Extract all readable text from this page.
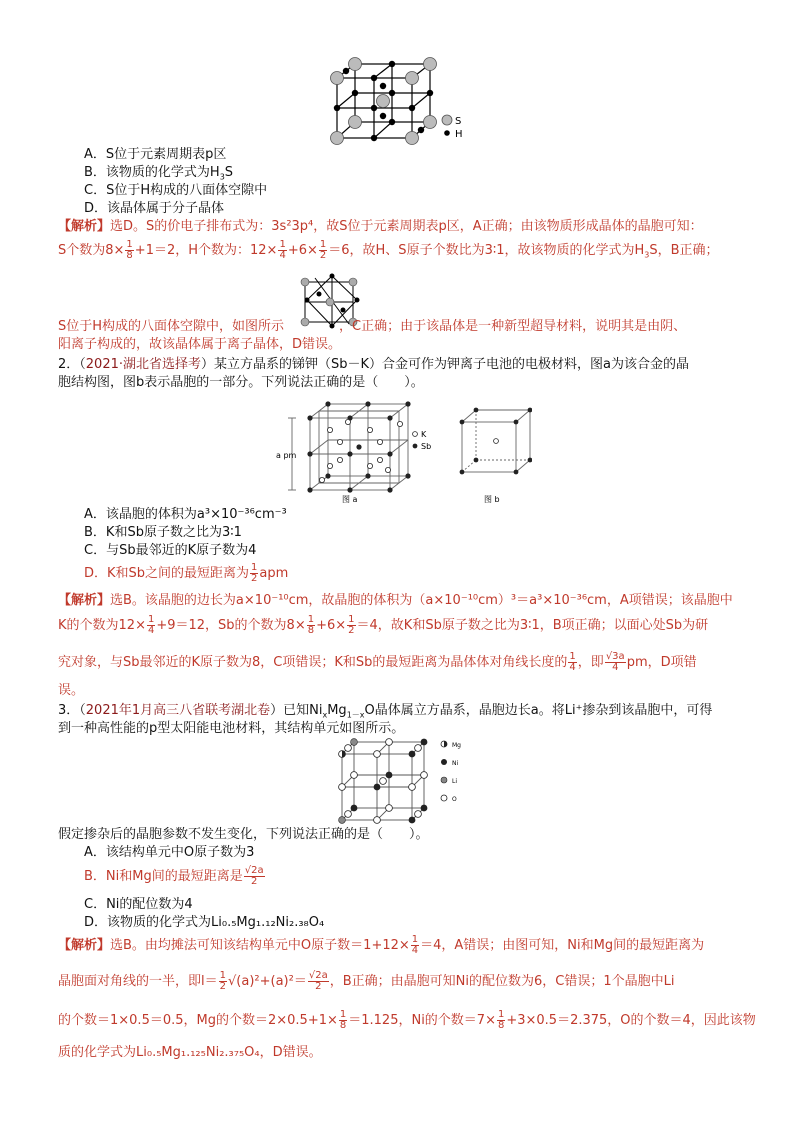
S
H
A．S位于元素周期表p区
B．该物质的化学式为$H_3S$
C．S位于H构成的八面体空隙中
D．该晶体属于分子晶体
【解析】选D。S的价电子排布式为：3s²3p⁴，故S位于元素周期表p区，A正确；由该物质形成晶体的晶胞可知：
S个数为$8\times \frac{1}{8} +1=2$，H个数为：$12\times \frac{1}{4} +6\times \frac{1}{2} =6$，故H、S原子个数比为3∶1，故该物质的化学式为$H_3S$，B正确；
S位于H构成的八面体空隙中，如图所示	，C正确；由于该晶体是一种新型超导材料，说明其是由阴、
阳离子构成的，故该晶体属于离子晶体，D错误。
2．（2021·湖北省选择考）某立方晶系的锑钾（Sb－K）合金可作为钾离子电池的电极材料，图a为该合金的晶
胞结构图，图b表示晶胞的一部分。下列说法正确的是（　　）。
a pm
K
Sb
图 a	图 b
A．该晶胞的体积为a³×10⁻³⁶cm⁻³
B．K和Sb原子数之比为3∶1
C．与Sb最邻近的K原子数为4
D．K和Sb之间的最短距离为 $\frac{1}{2}$ apm
【解析】选B。该晶胞的边长为a×10⁻¹⁰cm，故晶胞的体积为（a×10⁻¹⁰cm）³＝a³×10⁻³⁶cm，A项错误；该晶胞中
K的个数为$12\times \frac{1}{4} +9=12$，Sb的个数为$8\times \frac{1}{8} +6\times \frac{1}{2} =4$，故K和Sb原子数之比为3∶1，B项正确；以面心处Sb为研
究对象，与Sb最邻近的K原子数为8，C项错误；K和Sb的最短距离为晶体体对角线长度的 $\frac{1}{4}$ ，即 $\frac{√3a}{4}$ pm，D项错
误。
3．（2021年1月高三八省联考湖北卷）已知$Ni_xMg_{1-x}O$晶体属立方晶系，晶胞边长a。将Li⁺掺杂到该晶胞中，可得
到一种高性能的p型太阳能电池材料，其结构单元如图所示。
Mg
Ni
Li
O
假定掺杂后的晶胞参数不发生变化，下列说法正确的是（　　）。
A．该结构单元中O原子数为3
B．Ni和Mg间的最短距离是 $\frac{√2a}{2}$
C．Ni的配位数为4
D．该物质的化学式为Li₀.₅Mg₁.₁₂Ni₂.₃₈O₄
【解析】选B。由均摊法可知该结构单元中O原子数$=1+12\times \frac{1}{4} =4$，A错误；由图可知，Ni和Mg间的最短距离为
晶胞面对角线的一半，即$l= \frac{1}{2} √(a)^2+(a)^2= \frac{√2a}{2}$ ，B正确；由晶胞可知Ni的配位数为6，C错误；1个晶胞中Li
的个数＝1×0.5＝0.5，Mg的个数$=2\times 0.5+1\times \frac{1}{8} =1.125$，Ni的个数$=7\times \frac{1}{8} +3\times 0.5=2.375$，O的个数＝4，因此该物
质的化学式为Li₀.₅Mg₁.₁₂₅Ni₂.₃₇₅O₄，D错误。
